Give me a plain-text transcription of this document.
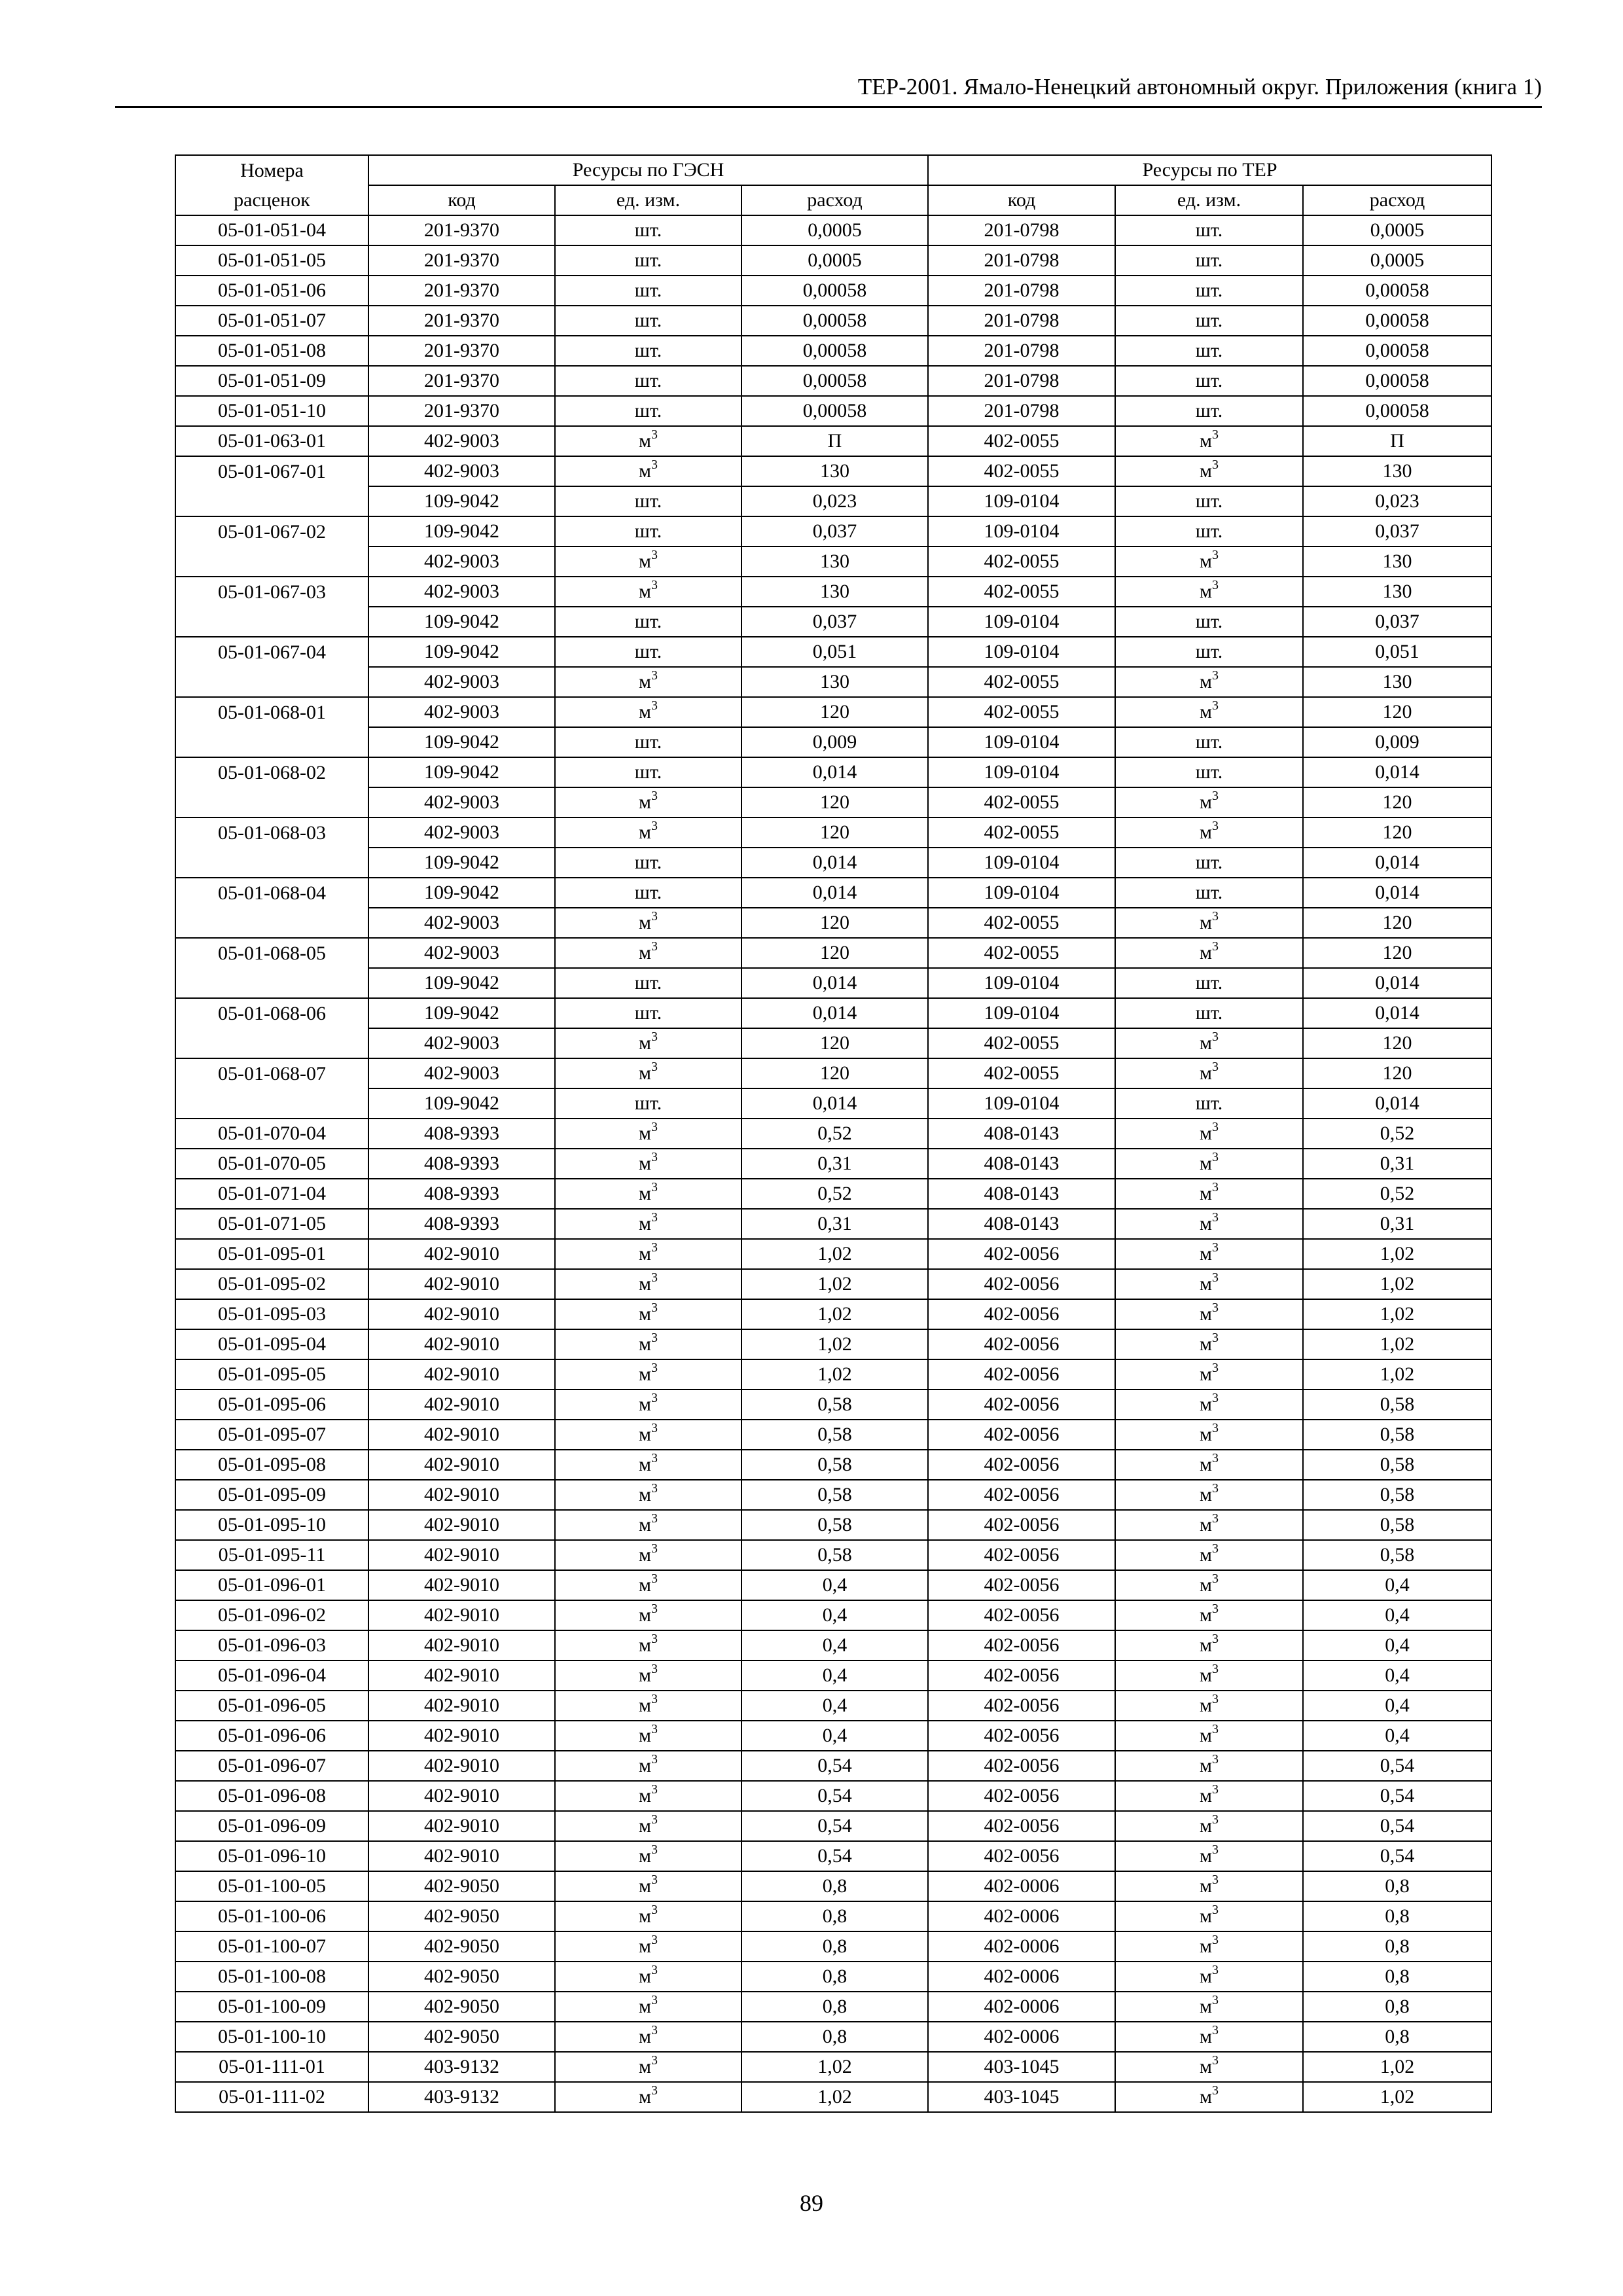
ТЕР-2001. Ямало-Ненецкий автономный округ. Приложения (книга 1)
Номера	Ресурсы по ГЭСН			Ресурсы по ТЕР		
расценок	код	ед. изм.	расход	код	ед. изм.	расход
05-01-051-04	201-9370	шт.	0,0005	201-0798	шт.	0,0005
05-01-051-05	201-9370	шт.	0,0005	201-0798	шт.	0,0005
05-01-051-06	201-9370	шт.	0,00058	201-0798	шт.	0,00058
05-01-051-07	201-9370	шт.	0,00058	201-0798	шт.	0,00058
05-01-051-08	201-9370	шт.	0,00058	201-0798	шт.	0,00058
05-01-051-09	201-9370	шт.	0,00058	201-0798	шт.	0,00058
05-01-051-10	201-9370	шт.	0,00058	201-0798	шт.	0,00058
05-01-063-01	402-9003	$м^3$	П	402-0055	$м^3$	П
05-01-067-01	402-9003	$м^3$	130	402-0055	$м^3$	130
	109-9042	шт.	0,023	109-0104	шт.	0,023
05-01-067-02	109-9042	шт.	0,037	109-0104	шт.	0,037
	402-9003	$м^3$	130	402-0055	$м^3$	130
05-01-067-03	402-9003	$м^3$	130	402-0055	$м^3$	130
	109-9042	шт.	0,037	109-0104	шт.	0,037
05-01-067-04	109-9042	шт.	0,051	109-0104	шт.	0,051
	402-9003	$м^3$	130	402-0055	$м^3$	130
05-01-068-01	402-9003	$м^3$	120	402-0055	$м^3$	120
	109-9042	шт.	0,009	109-0104	шт.	0,009
05-01-068-02	109-9042	шт.	0,014	109-0104	шт.	0,014
	402-9003	$м^3$	120	402-0055	$м^3$	120
05-01-068-03	402-9003	$м^3$	120	402-0055	$м^3$	120
	109-9042	шт.	0,014	109-0104	шт.	0,014
05-01-068-04	109-9042	шт.	0,014	109-0104	шт.	0,014
	402-9003	$м^3$	120	402-0055	$м^3$	120
05-01-068-05	402-9003	$м^3$	120	402-0055	$м^3$	120
	109-9042	шт.	0,014	109-0104	шт.	0,014
05-01-068-06	109-9042	шт.	0,014	109-0104	шт.	0,014
	402-9003	$м^3$	120	402-0055	$м^3$	120
05-01-068-07	402-9003	$м^3$	120	402-0055	$м^3$	120
	109-9042	шт.	0,014	109-0104	шт.	0,014
05-01-070-04	408-9393	$м^3$	0,52	408-0143	$м^3$	0,52
05-01-070-05	408-9393	$м^3$	0,31	408-0143	$м^3$	0,31
05-01-071-04	408-9393	$м^3$	0,52	408-0143	$м^3$	0,52
05-01-071-05	408-9393	$м^3$	0,31	408-0143	$м^3$	0,31
05-01-095-01	402-9010	$м^3$	1,02	402-0056	$м^3$	1,02
05-01-095-02	402-9010	$м^3$	1,02	402-0056	$м^3$	1,02
05-01-095-03	402-9010	$м^3$	1,02	402-0056	$м^3$	1,02
05-01-095-04	402-9010	$м^3$	1,02	402-0056	$м^3$	1,02
05-01-095-05	402-9010	$м^3$	1,02	402-0056	$м^3$	1,02
05-01-095-06	402-9010	$м^3$	0,58	402-0056	$м^3$	0,58
05-01-095-07	402-9010	$м^3$	0,58	402-0056	$м^3$	0,58
05-01-095-08	402-9010	$м^3$	0,58	402-0056	$м^3$	0,58
05-01-095-09	402-9010	$м^3$	0,58	402-0056	$м^3$	0,58
05-01-095-10	402-9010	$м^3$	0,58	402-0056	$м^3$	0,58
05-01-095-11	402-9010	$м^3$	0,58	402-0056	$м^3$	0,58
05-01-096-01	402-9010	$м^3$	0,4	402-0056	$м^3$	0,4
05-01-096-02	402-9010	$м^3$	0,4	402-0056	$м^3$	0,4
05-01-096-03	402-9010	$м^3$	0,4	402-0056	$м^3$	0,4
05-01-096-04	402-9010	$м^3$	0,4	402-0056	$м^3$	0,4
05-01-096-05	402-9010	$м^3$	0,4	402-0056	$м^3$	0,4
05-01-096-06	402-9010	$м^3$	0,4	402-0056	$м^3$	0,4
05-01-096-07	402-9010	$м^3$	0,54	402-0056	$м^3$	0,54
05-01-096-08	402-9010	$м^3$	0,54	402-0056	$м^3$	0,54
05-01-096-09	402-9010	$м^3$	0,54	402-0056	$м^3$	0,54
05-01-096-10	402-9010	$м^3$	0,54	402-0056	$м^3$	0,54
05-01-100-05	402-9050	$м^3$	0,8	402-0006	$м^3$	0,8
05-01-100-06	402-9050	$м^3$	0,8	402-0006	$м^3$	0,8
05-01-100-07	402-9050	$м^3$	0,8	402-0006	$м^3$	0,8
05-01-100-08	402-9050	$м^3$	0,8	402-0006	$м^3$	0,8
05-01-100-09	402-9050	$м^3$	0,8	402-0006	$м^3$	0,8
05-01-100-10	402-9050	$м^3$	0,8	402-0006	$м^3$	0,8
05-01-111-01	403-9132	$м^3$	1,02	403-1045	$м^3$	1,02
05-01-111-02	403-9132	$м^3$	1,02	403-1045	$м^3$	1,02
89
